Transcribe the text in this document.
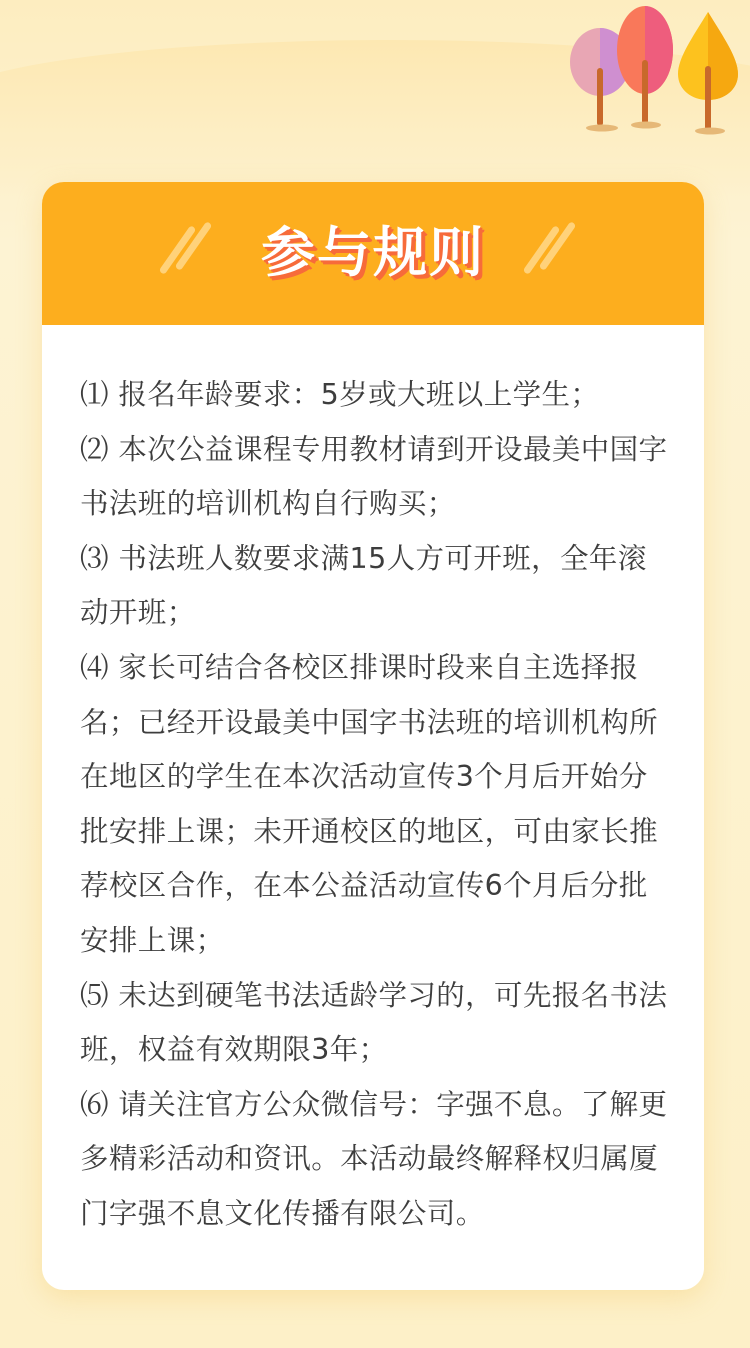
参与规则

⑴ 报名年龄要求：5岁或大班以上学生；

⑵ 本次公益课程专用教材请到开设最美中国字书法班的培训机构自行购买；

⑶ 书法班人数要求满15人方可开班，全年滚动开班；

⑷ 家长可结合各校区排课时段来自主选择报名；已经开设最美中国字书法班的培训机构所在地区的学生在本次活动宣传3个月后开始分批安排上课；未开通校区的地区，可由家长推荐校区合作，在本公益活动宣传6个月后分批安排上课；

⑸ 未达到硬笔书法适龄学习的，可先报名书法班，权益有效期限3年；

⑹ 请关注官方公众微信号：字强不息。了解更多精彩活动和资讯。本活动最终解释权归属厦门字强不息文化传播有限公司。
